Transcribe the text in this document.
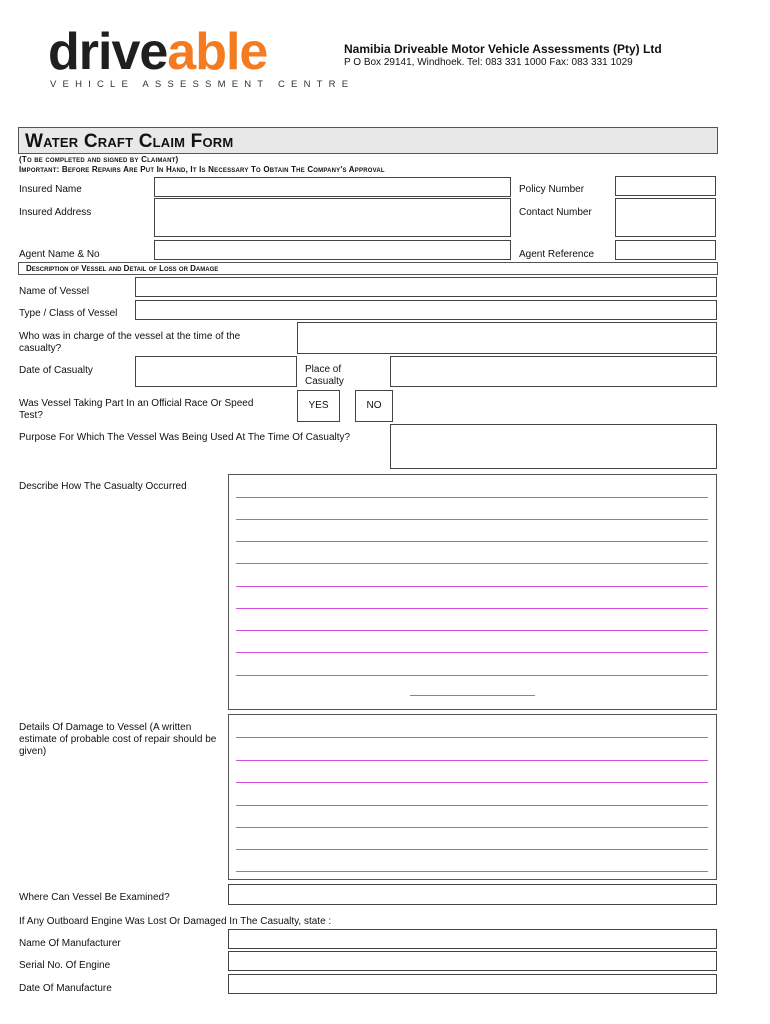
driveable
VEHICLE ASSESSMENT CENTRE
Namibia Driveable Motor Vehicle Assessments (Pty) Ltd
P O Box 29141, Windhoek. Tel: 083 331 1000 Fax: 083 331 1029
Water Craft Claim Form
(To be completed and signed by Claimant)
Important: Before Repairs Are Put In Hand, It Is Necessary To Obtain The Company's Approval
Insured Name	Policy Number
Insured Address	Contact Number
Agent Name & No	Agent Reference
Description of Vessel and Detail of Loss or Damage
Name of Vessel
Type / Class of Vessel
Who was in charge of the vessel at the time of the casualty?
Date of Casualty	Place of Casualty
Was Vessel Taking Part In an Official Race Or Speed Test?
YES	NO
Purpose For Which The Vessel Was Being Used At The Time Of Casualty?
Describe How The Casualty Occurred
Details Of Damage to Vessel (A written estimate of probable cost of repair should be given)
Where Can Vessel Be Examined?
If Any Outboard Engine Was Lost Or Damaged In The Casualty, state :
Name Of Manufacturer
Serial No. Of Engine
Date Of Manufacture
